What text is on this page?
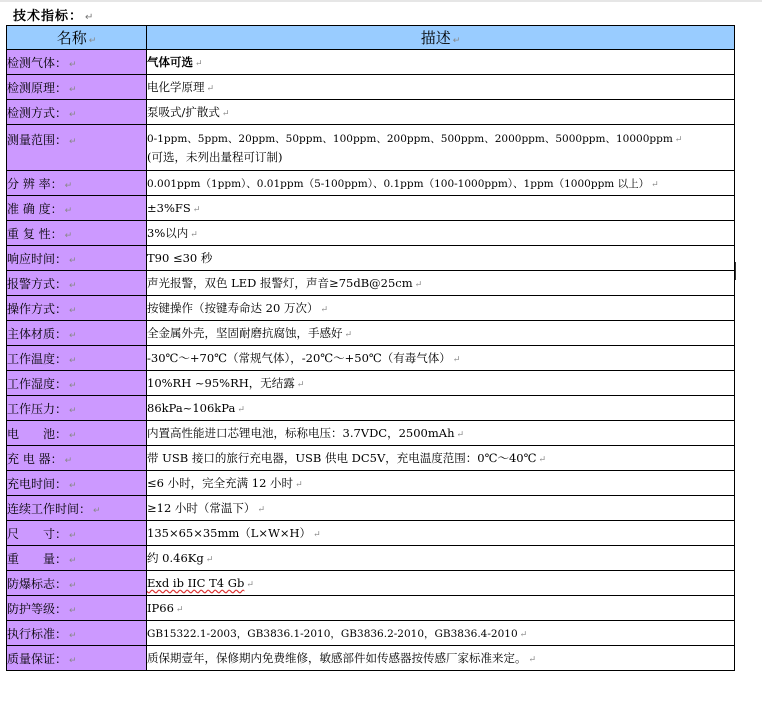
技术指标： ↵
名称 ↵	描述 ↵
检测气体： ↵	气体可选 ↵
检测原理： ↵	电化学原理 ↵
检测方式： ↵	泵吸式/扩散式 ↵
测量范围： ↵	0-1ppm、5ppm、20ppm、50ppm、100ppm、200ppm、500ppm、2000ppm、5000ppm、10000ppm ↵
(可选，未列出量程可订制)

分 辨 率： ↵	0.001ppm（1ppm）、0.01ppm（5-100ppm）、0.1ppm（100-1000ppm）、1ppm（1000ppm 以上） ↵
准 确 度： ↵	±3%FS ↵
重 复 性： ↵	3%以内 ↵
响应时间： ↵	T90 ≤30 秒
报警方式： ↵	声光报警，双色 LED 报警灯，声音≥75dB@25cm ↵
操作方式： ↵	按键操作（按键寿命达 20 万次） ↵
主体材质： ↵	全金属外壳，坚固耐磨抗腐蚀，手感好 ↵
工作温度： ↵	-30℃～+70℃（常规气体），-20℃～+50℃（有毒气体） ↵
工作湿度： ↵	10%RH ~95%RH，无结露 ↵
工作压力： ↵	86kPa~106kPa ↵
电　　池： ↵	内置高性能进口芯锂电池，标称电压：3.7VDC，2500mAh ↵
充 电 器： ↵	带 USB 接口的旅行充电器，USB 供电 DC5V，充电温度范围：0℃～40℃ ↵
充电时间： ↵	≤6 小时，完全充满 12 小时 ↵
连续工作时间： ↵	≥12 小时（常温下） ↵
尺　　寸： ↵	135×65×35mm（L×W×H） ↵
重　　量： ↵	约 0.46Kg ↵
防爆标志： ↵	Exd ib IIC T4 Gb ↵
防护等级： ↵	IP66 ↵
执行标准： ↵	GB15322.1-2003，GB3836.1-2010，GB3836.2-2010，GB3836.4-2010 ↵
质量保证： ↵	质保期壹年，保修期内免费维修，敏感部件如传感器按传感厂家标准来定。 ↵
